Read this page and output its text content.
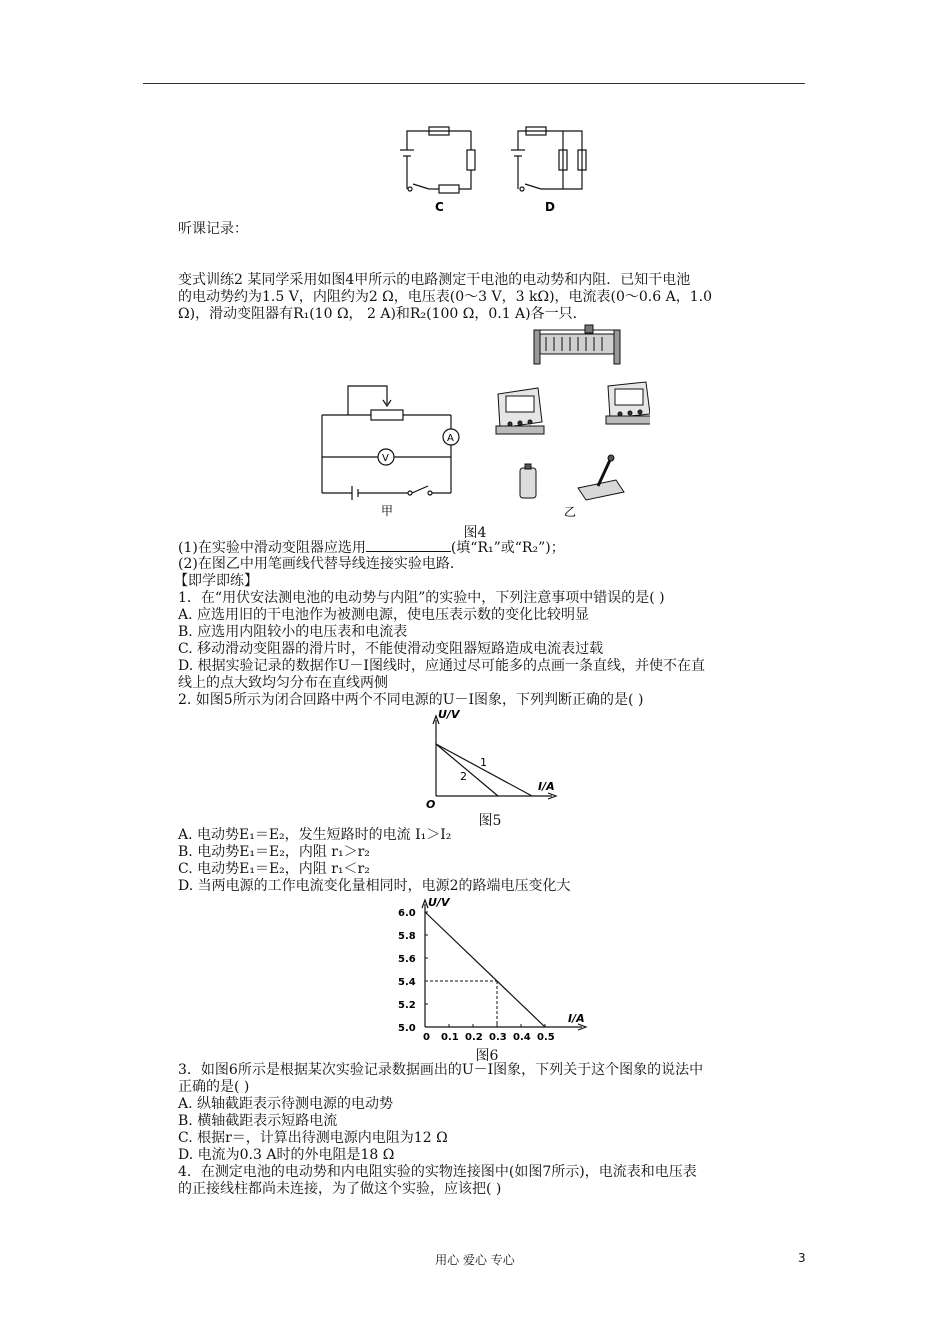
C	D
听课记录：
变式训练2 某同学采用如图4甲所示的电路测定干电池的电动势和内阻．已知干电池
的电动势约为1.5 V，内阻约为2 Ω，电压表(0～3 V，3 kΩ)，电流表(0～0.6 A，1.0
Ω)，滑动变阻器有R₁(10 Ω， 2 A)和R₂(100 Ω，0.1 A)各一只．
A
V
甲	乙
图4
(1)在实验中滑动变阻器应选用	(填“R₁”或“R₂”)；
(2)在图乙中用笔画线代替导线连接实验电路．
【即学即练】
1．在“用伏安法测电池的电动势与内阻”的实验中，下列注意事项中错误的是( )
A. 应选用旧的干电池作为被测电源，使电压表示数的变化比较明显
B. 应选用内阻较小的电压表和电流表
C. 移动滑动变阻器的滑片时，不能使滑动变阻器短路造成电流表过载
D. 根据实验记录的数据作U－I图线时，应通过尽可能多的点画一条直线，并使不在直
线上的点大致均匀分布在直线两侧
2. 如图5所示为闭合回路中两个不同电源的U－I图象，下列判断正确的是( )
U/V
I/A
O
1
2
图5
A. 电动势E₁＝E₂，发生短路时的电流 I₁＞I₂
B. 电动势E₁＝E₂，内阻 r₁＞r₂
C. 电动势E₁＝E₂，内阻 r₁＜r₂
D. 当两电源的工作电流变化量相同时，电源2的路端电压变化大
U/V
I/A
0 0.1 0.2 0.3 0.4 0.5
5.0
5.2
5.4
5.6
5.8
6.0
图6
3．如图6所示是根据某次实验记录数据画出的U－I图象，下列关于这个图象的说法中
正确的是( )
A. 纵轴截距表示待测电源的电动势
B. 横轴截距表示短路电流
C. 根据r＝，计算出待测电源内电阻为12 Ω
D. 电流为0.3 A时的外电阻是18 Ω
4．在测定电池的电动势和内电阻实验的实物连接图中(如图7所示)，电流表和电压表
的正接线柱都尚未连接，为了做这个实验，应该把( )
用心 爱心 专心	3
